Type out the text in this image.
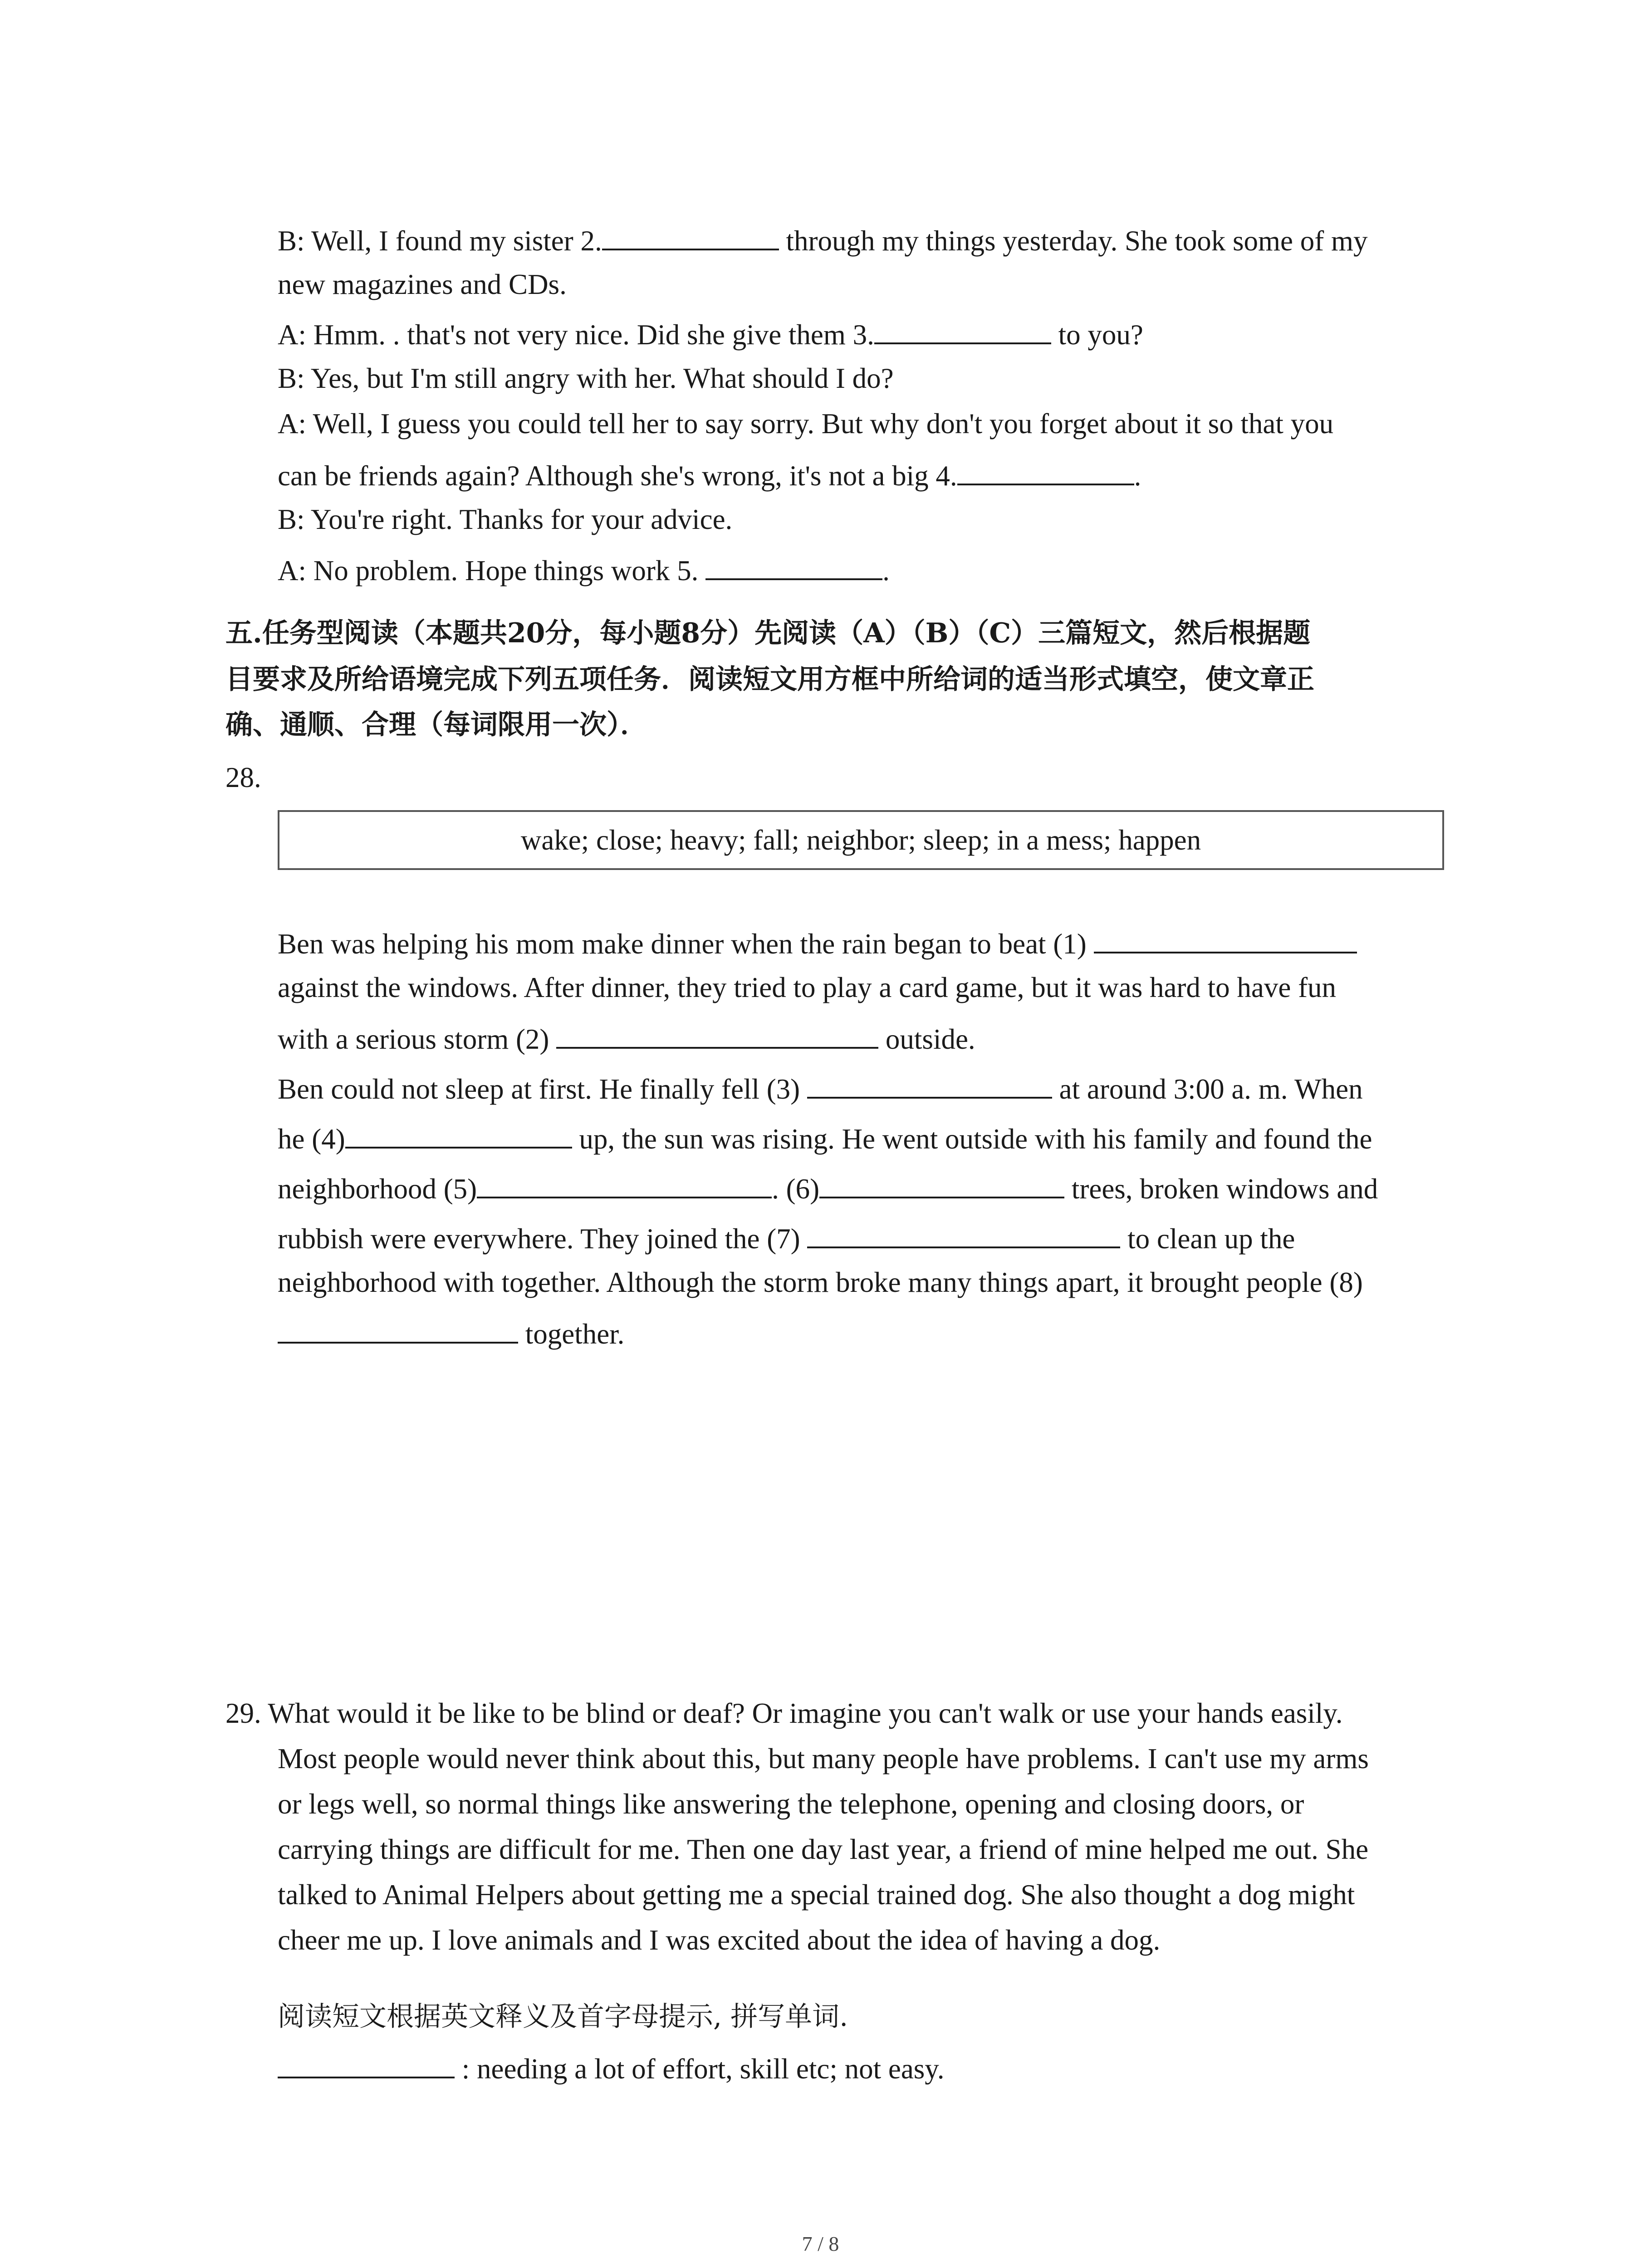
B: Well, I found my sister 2.	through my things yesterday. She took some of my
new magazines and CDs.
A: Hmm. . that's not very nice. Did she give them 3.	to you?
B: Yes, but I'm still angry with her. What should I do?
A: Well, I guess you could tell her to say sorry. But why don't you forget about it so that you
can be friends again? Although she's wrong, it's not a big 4.	.
B: You're right. Thanks for your advice.
A: No problem. Hope things work 5.	.
五.任务型阅读（本题共20分，每小题8分）先阅读（A）（B）（C）三篇短文，然后根据题
目要求及所给语境完成下列五项任务．阅读短文用方框中所给词的适当形式填空，使文章正
确、通顺、合理（每词限用一次）．
28.
wake; close; heavy; fall; neighbor; sleep; in a mess; happen
Ben was helping his mom make dinner when the rain began to beat (1)
against the windows. After dinner, they tried to play a card game, but it was hard to have fun
with a serious storm (2)	outside.
Ben could not sleep at first. He finally fell (3)	at around 3:00 a. m. When
he (4)	up, the sun was rising. He went outside with his family and found the
neighborhood (5)	. (6)	trees, broken windows and
rubbish were everywhere. They joined the (7)	to clean up the
neighborhood with together. Although the storm broke many things apart, it brought people (8)
together.
29. What would it be like to be blind or deaf? Or imagine you can't walk or use your hands easily.
Most people would never think about this, but many people have problems. I can't use my arms
or legs well, so normal things like answering the telephone, opening and closing doors, or
carrying things are difficult for me. Then one day last year, a friend of mine helped me out. She
talked to Animal Helpers about getting me a special trained dog. She also thought a dog might
cheer me up. I love animals and I was excited about the idea of having a dog.
阅读短文根据英文释义及首字母提示, 拼写单词.
: needing a lot of effort, skill etc; not easy.
7 / 8
